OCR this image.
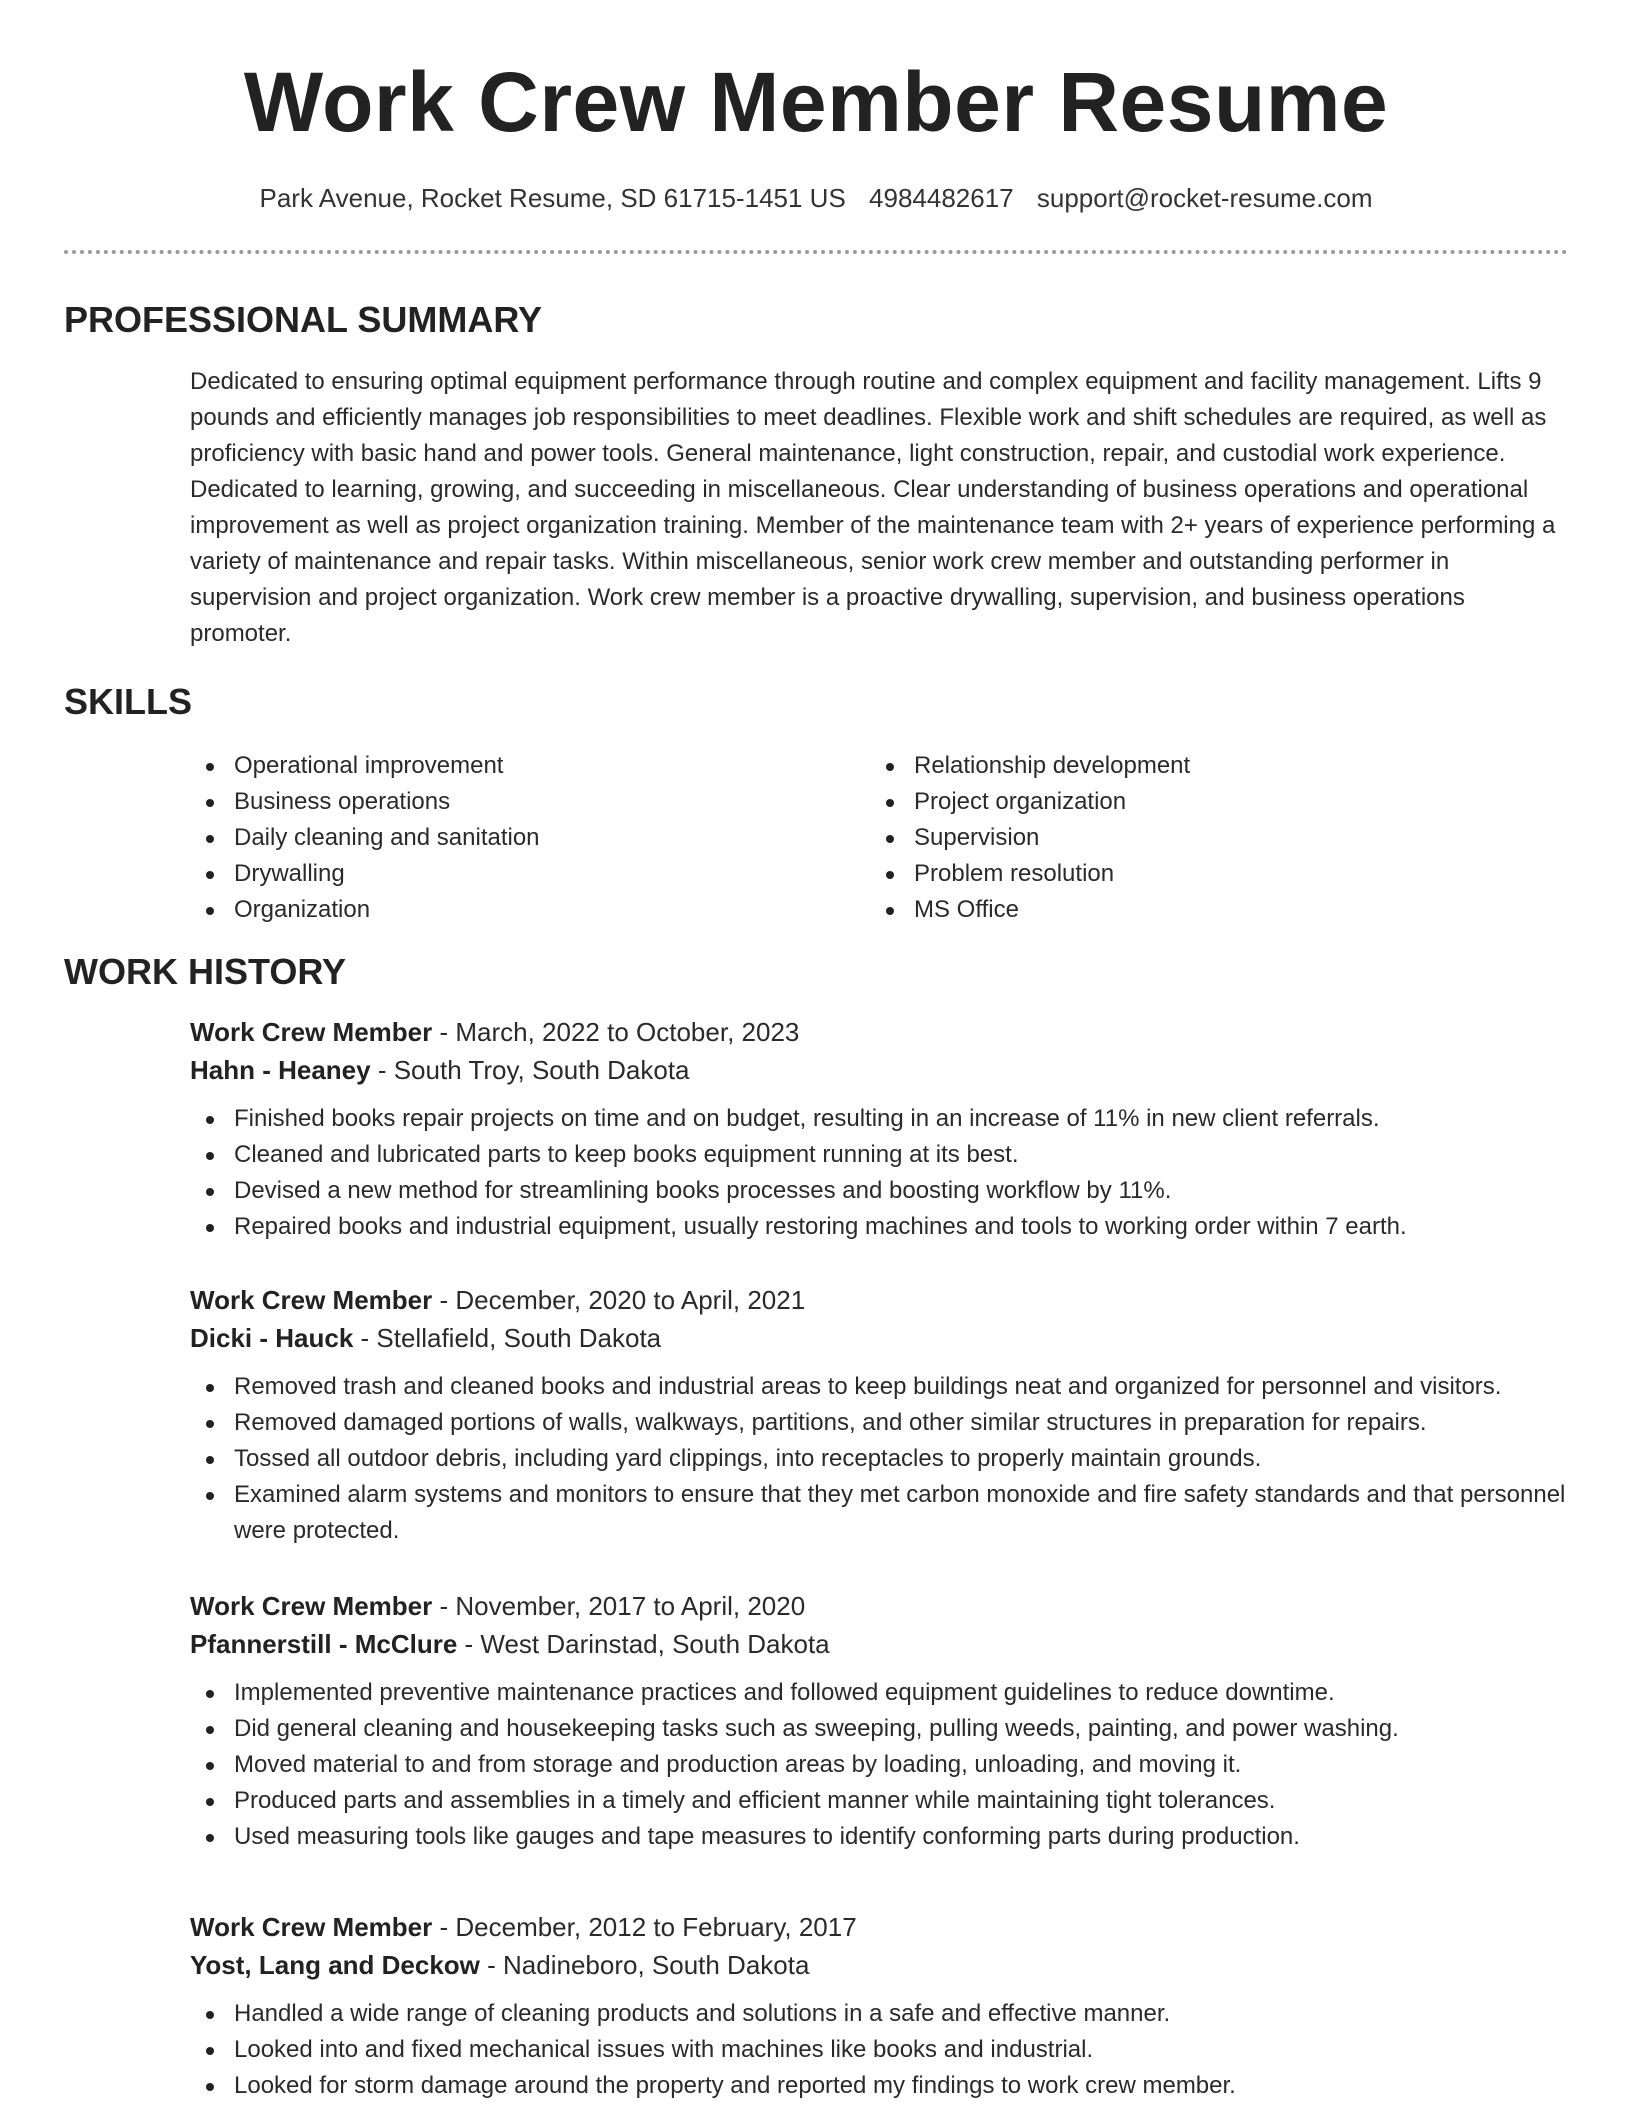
Work Crew Member Resume
Park Avenue, Rocket Resume, SD 61715-1451 US 4984482617 support@rocket-resume.com
PROFESSIONAL SUMMARY

Dedicated to ensuring optimal equipment performance through routine and complex equipment and facility management. Lifts 9 pounds and efficiently manages job responsibilities to meet deadlines. Flexible work and shift schedules are required, as well as proficiency with basic hand and power tools. General maintenance, light construction, repair, and custodial work experience. Dedicated to learning, growing, and succeeding in miscellaneous. Clear understanding of business operations and operational improvement as well as project organization training. Member of the maintenance team with 2+ years of experience performing a variety of maintenance and repair tasks. Within miscellaneous, senior work crew member and outstanding performer in supervision and project organization. Work crew member is a proactive drywalling, supervision, and business operations promoter.

SKILLS
Operational improvement
Business operations
Daily cleaning and sanitation
Drywalling
Organization
Relationship development
Project organization
Supervision
Problem resolution
MS Office
WORK HISTORY
Work Crew Member - March, 2022 to October, 2023
Hahn - Heaney - South Troy, South Dakota
Finished books repair projects on time and on budget, resulting in an increase of 11% in new client referrals.
Cleaned and lubricated parts to keep books equipment running at its best.
Devised a new method for streamlining books processes and boosting workflow by 11%.
Repaired books and industrial equipment, usually restoring machines and tools to working order within 7 earth.
Work Crew Member - December, 2020 to April, 2021
Dicki - Hauck - Stellafield, South Dakota
Removed trash and cleaned books and industrial areas to keep buildings neat and organized for personnel and visitors.
Removed damaged portions of walls, walkways, partitions, and other similar structures in preparation for repairs.
Tossed all outdoor debris, including yard clippings, into receptacles to properly maintain grounds.
Examined alarm systems and monitors to ensure that they met carbon monoxide and fire safety standards and that personnel were protected.
Work Crew Member - November, 2017 to April, 2020
Pfannerstill - McClure - West Darinstad, South Dakota
Implemented preventive maintenance practices and followed equipment guidelines to reduce downtime.
Did general cleaning and housekeeping tasks such as sweeping, pulling weeds, painting, and power washing.
Moved material to and from storage and production areas by loading, unloading, and moving it.
Produced parts and assemblies in a timely and efficient manner while maintaining tight tolerances.
Used measuring tools like gauges and tape measures to identify conforming parts during production.
Work Crew Member - December, 2012 to February, 2017
Yost, Lang and Deckow - Nadineboro, South Dakota
Handled a wide range of cleaning products and solutions in a safe and effective manner.
Looked into and fixed mechanical issues with machines like books and industrial.
Looked for storm damage around the property and reported my findings to work crew member.
